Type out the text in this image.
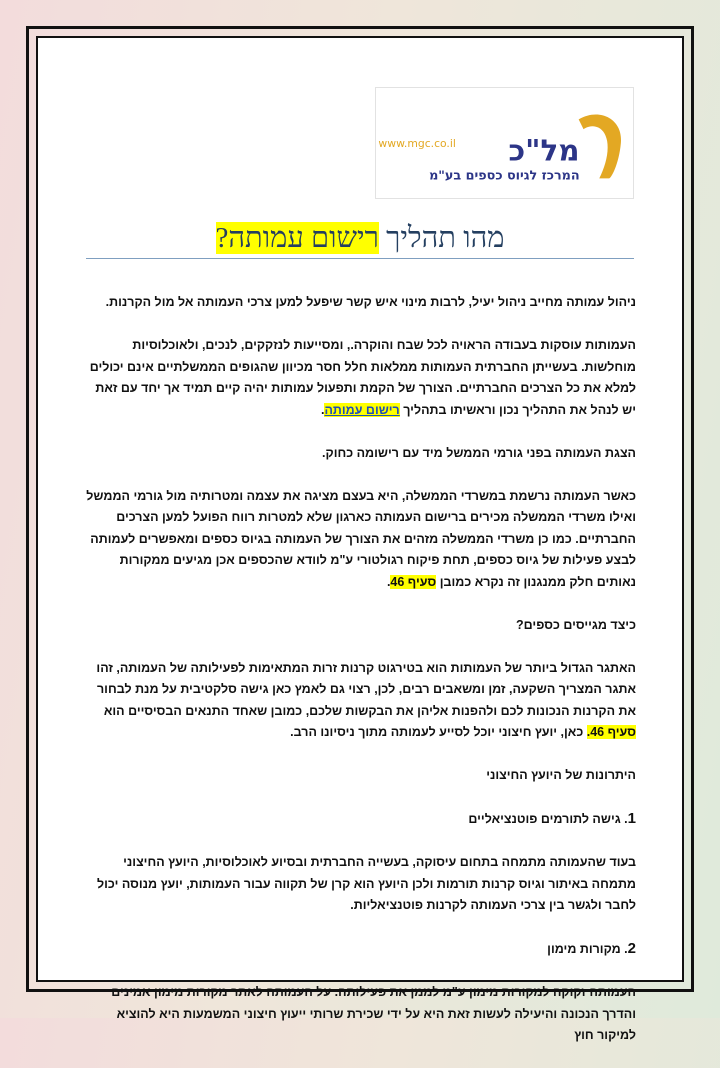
מל"כ
www.mgc.co.il
המרכז לגיוס כספים בע"מ
מהו תהליך רישום עמותה?

ניהול עמותה מחייב ניהול יעיל, לרבות מינוי איש קשר שיפעל למען צרכי העמותה אל מול הקרנות.

העמותות עוסקות בעבודה הראויה לכל שבח והוקרה., ומסייעות לנזקקים, לנכים, ולאוכלוסיות מוחלשות. בעשייתן החברתית העמותות ממלאות חלל חסר מכיוון שהגופים הממשלתיים אינם יכולים למלא את כל הצרכים החברתיים. הצורך של הקמת ותפעול עמותות יהיה קיים תמיד אך יחד עם זאת יש לנהל את התהליך נכון וראשיתו בתהליך רישום עמותה.

הצגת העמותה בפני גורמי הממשל מיד עם רישומה כחוק.

כאשר העמותה נרשמת במשרדי הממשלה, היא בעצם מציגה את עצמה ומטרותיה מול גורמי הממשל ואילו משרדי הממשלה מכירים ברישום העמותה כארגון שלא למטרות רווח הפועל למען הצרכים החברתיים. כמו כן משרדי הממשלה מזהים את הצורך של העמותה בגיוס כספים ומאפשרים לעמותה לבצע פעילות של גיוס כספים, תחת פיקוח רגולטורי ע"מ לוודא שהכספים אכן מגיעים ממקורות נאותים חלק ממנגנון זה נקרא כמובן סעיף 46.

כיצד מגייסים כספים?

האתגר הגדול ביותר של העמותות הוא בטירגוט קרנות זרות המתאימות לפעילותה של העמותה, זהו אתגר המצריך השקעה, זמן ומשאבים רבים, לכן, רצוי גם לאמץ כאן גישה סלקטיבית על מנת לבחור את הקרנות הנכונות לכם ולהפנות אליהן את הבקשות שלכם, כמובן שאחד התנאים הבסיסיים הוא סעיף 46. כאן, יועץ חיצוני יוכל לסייע לעמותה מתוך ניסיונו הרב.

היתרונות של היועץ החיצוני

1. גישה לתורמים פוטנציאליים

בעוד שהעמותה מתמחה בתחום עיסוקה, בעשייה החברתית ובסיוע לאוכלוסיות, היועץ החיצוני מתמחה באיתור וגיוס קרנות תורמות ולכן היועץ הוא קרן של תקווה עבור העמותות, יועץ מנוסה יכול לחבר ולגשר בין צרכי העמותה לקרנות פוטנציאליות.

2. מקורות מימון

העמותה זקוקה למקורות מימון ע"מ לממן את פעילותה. על העמותה לאתר מקורות מימון אמינים והדרך הנכונה והיעילה לעשות זאת היא על ידי שכירת שרותי ייעוץ חיצוני המשמעות היא להוציא למיקור חוץ
